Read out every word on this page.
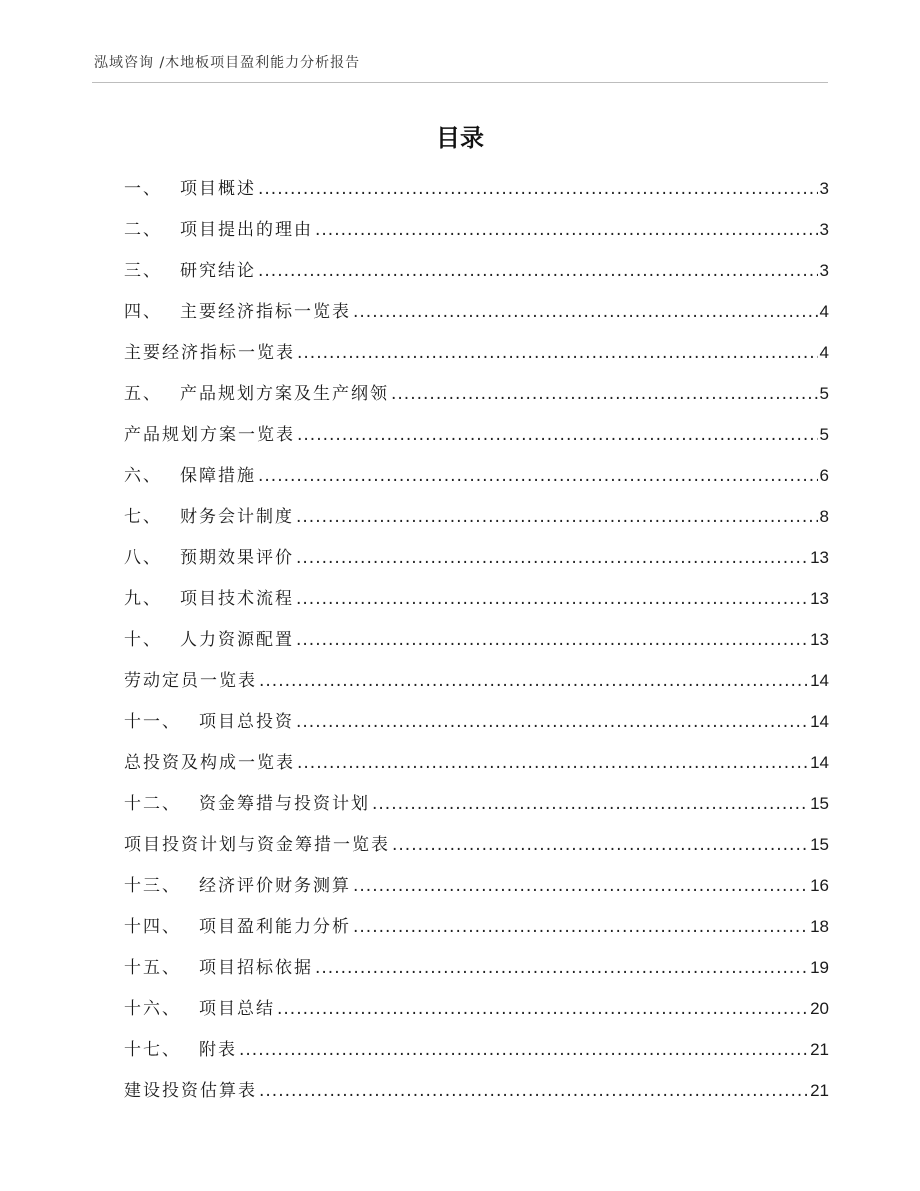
泓域咨询 /木地板项目盈利能力分析报告
目录
一、 项目概述 .....	3
二、 项目提出的理由 .....	3
三、 研究结论 .....	3
四、 主要经济指标一览表 .....	4
主要经济指标一览表 .....	4
五、 产品规划方案及生产纲领 .....	5
产品规划方案一览表 .....	5
六、 保障措施 .....	6
七、 财务会计制度 .....	8
八、 预期效果评价 .....	13
九、 项目技术流程 .....	13
十、 人力资源配置 .....	13
劳动定员一览表 .....	14
十一、 项目总投资 .....	14
总投资及构成一览表 .....	14
十二、 资金筹措与投资计划 .....	15
项目投资计划与资金筹措一览表 .....	15
十三、 经济评价财务测算 .....	16
十四、 项目盈利能力分析 .....	18
十五、 项目招标依据 .....	19
十六、 项目总结 .....	20
十七、 附表 .....	21
建设投资估算表 .....	21
